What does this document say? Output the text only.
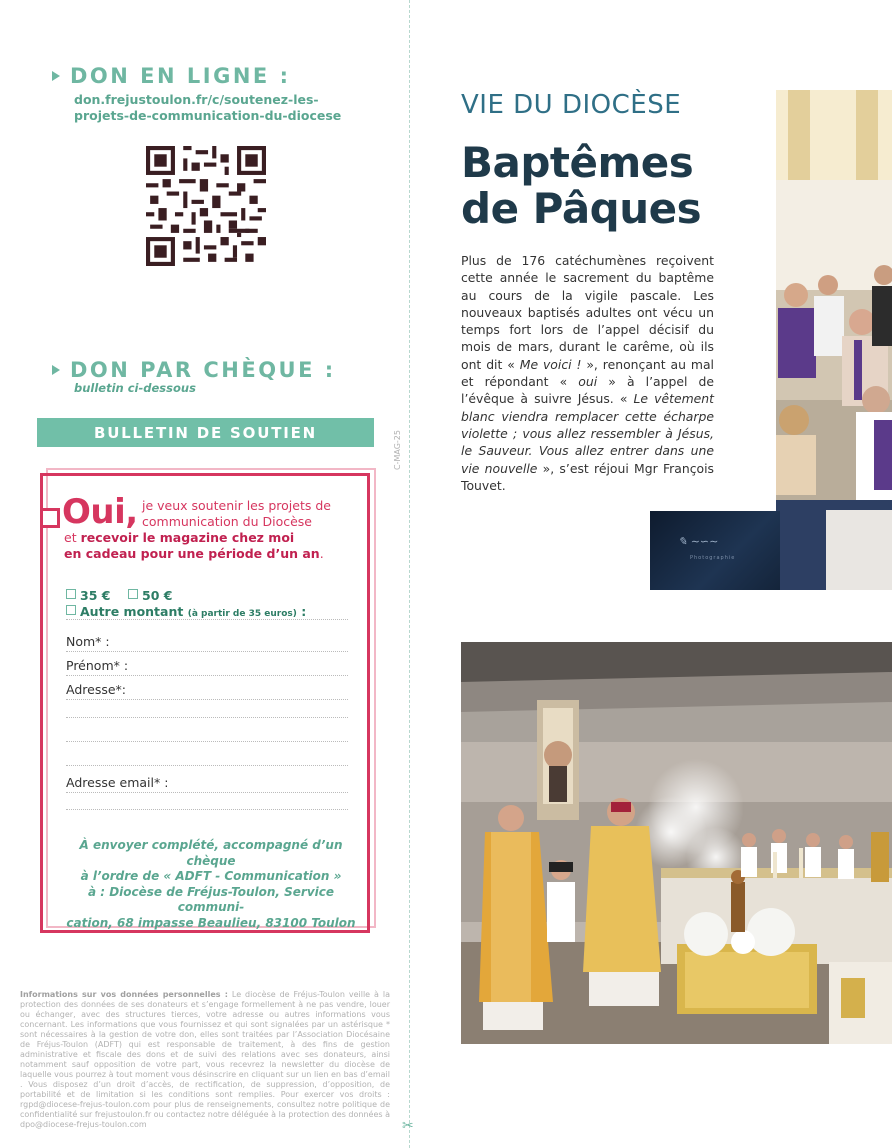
DON EN LIGNE :
don.frejustoulon.fr/c/soutenez-les-
projets-de-communication-du-diocese
DON PAR CHÈQUE :
bulletin ci-dessous
BULLETIN DE SOUTIEN
Oui, je veux soutenir les projets de
communication du Diocèse
et recevoir le magazine chez moi
en cadeau pour une période d’un an.
35 €	50 €
Autre montant (à partir de 35 euros) :
Nom* :
Prénom* :
Adresse*:
Adresse email* :
À envoyer complété, accompagné d’un chèque
à l’ordre de « ADFT - Communication »
à : Diocèse de Fréjus-Toulon, Service communi-
cation, 68 impasse Beaulieu, 83100 Toulon
Informations sur vos données personnelles : Le diocèse de Fréjus-Toulon veille à la protection des données de ses donateurs et s’engage formellement à ne pas vendre, louer ou échanger, avec des structures tierces, votre adresse ou autres informations vous concernant. Les informations que vous fournissez et qui sont signalées par un astérisque * sont nécessaires à la gestion de votre don, elles sont traitées par l’Association Diocésaine de Fréjus-Toulon (ADFT) qui est responsable de traitement, à des fins de gestion administrative et fiscale des dons et de suivi des relations avec ses donateurs, ainsi notamment sauf opposition de votre part, vous recevrez la newsletter du diocèse de laquelle vous pourrez à tout moment vous désinscrire en cliquant sur un lien en bas d’email . Vous disposez d’un droit d’accès, de rectification, de suppression, d’opposition, de portabilité et de limitation si les conditions sont remplies. Pour exercer vos droits : rgpd@diocese-frejus-toulon.com pour plus de renseignements, consultez notre politique de confidentialité sur frejustoulon.fr ou contactez notre déléguée à la protection des données à dpo@diocese-frejus-toulon.com
C-MAG-25
✂
VIE DU DIOCÈSE
Baptêmes
de Pâques
Plus de 176 catéchumènes reçoivent cette année le sacrement du baptême au cours de la vigile pascale. Les nouveaux baptisés adultes ont vécu un temps fort lors de l’appel décisif du mois de mars, durant le carême, où ils ont dit « Me voici ! », renonçant au mal et répondant « oui » à l’appel de l’évêque à suivre Jésus. « Le vêtement blanc viendra remplacer cette écharpe violette ; vous allez ressembler à Jésus, le Sauveur. Vous allez entrer dans une vie nouvelle », s’est réjoui Mgr François Touvet.
✎ ∼∽∼
Photographie
